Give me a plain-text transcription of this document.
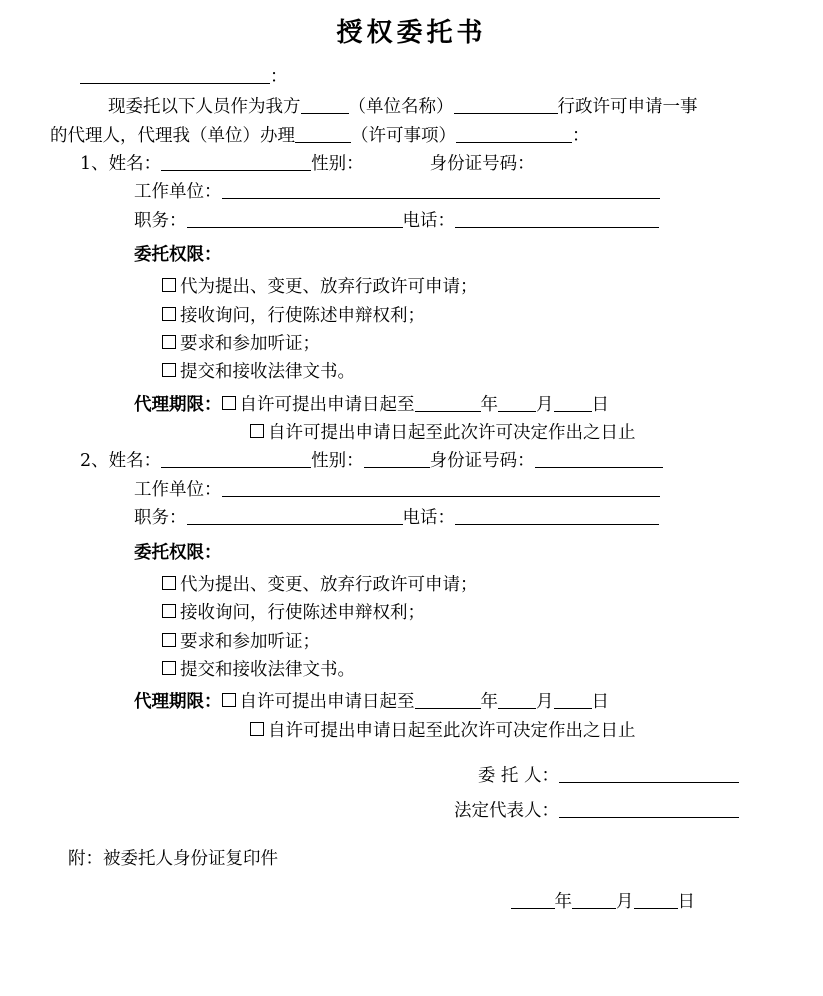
授权委托书
：
现委托以下人员作为我方	（单位名称）	行政许可申请一事
的代理人，代理我（单位）办理	（许可事项）	：
1、姓名：	性别：	身份证号码：
工作单位：
职务：	电话：
委托权限：
代为提出、变更、放弃行政许可申请；
接收询问，行使陈述申辩权利；
要求和参加听证；
提交和接收法律文书。
代理期限： 自许可提出申请日起至	年 月 日
自许可提出申请日起至此次许可决定作出之日止
2、姓名：	性别：	身份证号码：
工作单位：
职务：	电话：
委托权限：
代为提出、变更、放弃行政许可申请；
接收询问，行使陈述申辩权利；
要求和参加听证；
提交和接收法律文书。
代理期限： 自许可提出申请日起至	年 月 日
自许可提出申请日起至此次许可决定作出之日止
委 托 人：
法定代表人：
附：被委托人身份证复印件
年	月	日
